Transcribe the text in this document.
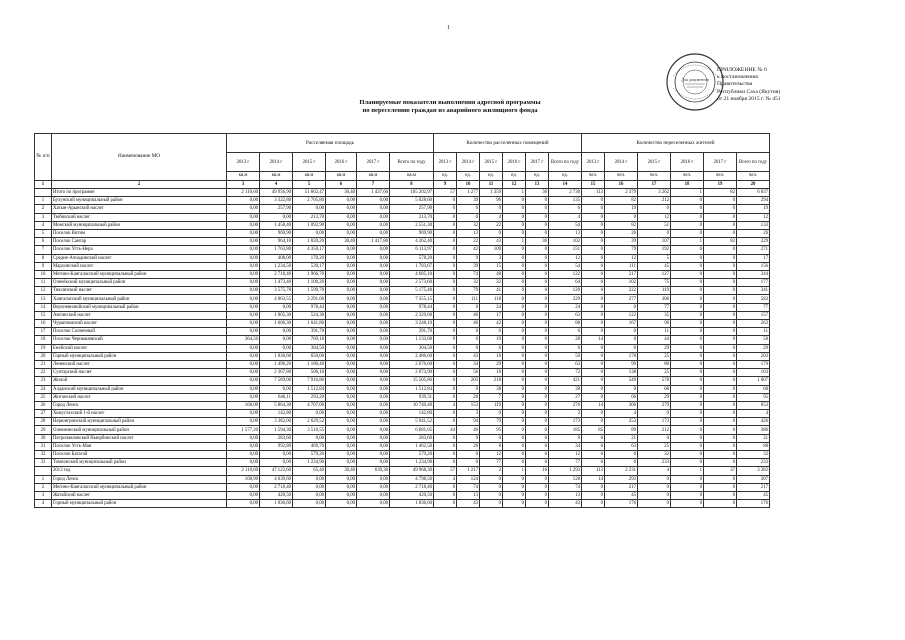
1
Для документов
ПРИЛОЖЕНИЕ № 6
к постановлению
Правительства
Республики Саха (Якутия)
от 21 ноября 2015 г. № 451
Планируемые показатели выполнения адресной программы
по переселению граждан из аварийного жилищного фонда
№ п/п	Наименование МО	Расселяемая площадь						Количество расселенных помещений						Количество переселенных жителей					
		2013 г	2014 г	2015 г	2016 г	2017 г	Всего по году	2013 г	2014 г	2015 г	2016 г	2017 г	Всего по году	2013 г	2014 г	2015 г	2016 г	2017 г	Всего по году
		кв.м	кв.м	кв.м	кв.м	кв.м	кв.м	ед.	ед.	ед.	ед.	ед.	ед.	чел.	чел.	чел.	чел.	чел.	чел.
1	2	3	4	5	6	7	8	9	10	11	12	13	14	15	16	17	18	19	20
	Итого по программе	2 110,60	49 956,90	51 662,47	30,40	1 437,60	105 202,97	57	1 277	1 359	1	36	2 730	113	2 379	3 262	1	82	6 837
1	Булунский муниципальный район	0,00	3 322,80	2 705,80	0,00	0,00	5 028,60	0	39	96	0	0	135	0	82	212	0	0	294
2	Хатын-Арынский наслег	0,00	257,90	0,00	0,00	0,00	257,90	0	6	0	0	0	6	0	19	0	0	0	19
3	Тюбяхский наслег	0,00	0,00	213,70	0,00	0,00	213,70	0	0	4	0	0	4	0	0	12	0	0	12
4	Момский муниципальный район	0,00	1 458,40	1 092,90	0,00	0,00	2 551,30	0	32	22	0	0	54	0	82	51	0	0	133
5	Поселок Витим	0,00	969,90	0,00	0,00	0,00	969,90	0	13	0	0	0	13	0	26	0	0	0	26
6	Поселок Сангар	0,00	964,10	1 820,20	30,40	1 417,80	4 262,40	0	22	43	1	36	102	0	39	107	1	82	229
7	Поселок Усть-Нера	0,00	1 763,80	4 350,17	0,00	0,00	6 113,97	0	42	109	0	0	151	0	79	192	0	0	271
8	Средне-Аччадинский наслег	0,00	408,00	170,20	0,00	0,00	578,20	0	9	3	0	0	12	0	12	5	0	0	17
9	Мархинский наслег	0,00	1 234,50	539,17	0,00	0,00	1 783,67	0	39	15	0	0	54	0	111	45	0	0	156
10	Мегино-Кангаласский муниципальный район	0,00	2 718,40	1 966,70	0,00	0,00	4 685,10	0	74	48	0	0	122	0	217	127	0	0	344
11	Оленёкский муниципальный район	0,00	1 473,40	1 100,20	0,00	0,00	2 573,60	0	32	32	0	0	64	0	102	75	0	0	177
12	Тиксинский наслег	0,00	3 575,78	1 599,70	0,00	0,00	5 175,48	0	79	41	0	0	120	0	222	119	0	0	341
13	Хангаласский муниципальный район	0,00	4 063,55	3 291,60	0,00	0,00	7 355,15	0	111	118	0	0	229	0	277	306	0	0	583
14	Верхневилюйский муниципальный район	0,00	0,00	978,44	0,00	0,00	978,44	0	0	24	0	0	24	0	0	77	0	0	77
15	Амгинский наслег	0,00	1 805,30	524,30	0,00	0,00	2 329,60	0	46	17	0	0	63	0	122	35	0	0	157
16	Чурапчинский наслег	0,00	1 606,30	1 641,80	0,00	0,00	3 248,10	0	46	42	0	0	88	0	167	96	0	0	263
17	Поселок Солнечный	0,00	0,00	391,70	0,00	0,00	391,70	0	0	6	0	0	6	0	0	11	0	0	11
18	Поселок Чернышевский	364,50	0,00	769,18	0,00	0,00	1 133,68	9	0	19	0	0	28	14	0	44	0	0	58
19	Енейский наслег	0,00	0,00	304,50	0,00	0,00	304,50	0	0	6	0	0	6	0	0	29	0	0	29
20	Горный муниципальный район	0,00	1 836,60	650,00	0,00	0,00	2 486,60	0	43	16	0	0	59	0	178	25	0	0	203
21	Лененский наслег	0,00	1 496,20	1 180,40	0,00	0,00	2 676,60	0	34	29	0	0	63	0	99	80	0	0	179
22	Сунтарский наслег	0,00	2 367,80	506,10	0,00	0,00	2 873,90	0	56	16	0	0	72	0	138	25	0	0	163
23	Жилой	0,00	7 589,06	7 916,80	0,00	0,00	15 505,86	0	203	218	0	0	421	0	549	578	0	0	1 007
24	Алданский муниципальный район	0,00	0,00	1 512,84	0,00	0,00	1 512,84	0	0	38	0	0	38	0	0	68	0	0	68
25	Жиганский наслег	0,00	646,11	293,20	0,00	0,00	939,31	0	20	7	0	0	27	0	66	29	0	0	95
26	Город Ленск	168,00	5 864,30	4 707,00	0,00	0,00	10 740,40	4	153	119	0	0	276	14	360	279	0	0	653
27	Хомустахский 1-й наслег	0,00	142,80	0,00	0,00	0,00	142,80	0	3	0	0	0	3	0	4	0	0	0	4
28	Нерюнгринский муниципальный район	0,00	3 382,00	2 629,52	0,00	0,00	5 941,52	0	94	79	0	0	173	0	253	173	0	0	426
29	Олекминский муниципальный район	1 577,20	1 594,30	3 510,55	0,00	0,00	6 681,05	44	46	95	0	0	185	85	89	212	0	0	386
30	Петропавловский Ньюрбинский наслег	0,00	283,60	0,00	0,00	0,00	283,60	0	9	0	0	0	9	0	21	0	0	0	21
31	Поселок Усть-Мая	0,00	992,80	469,70	0,00	0,00	1 462,50	0	26	8	0	0	34	0	63	25	0	0	88
32	Поселок Батагай	0,00	0,00	579,20	0,00	0,00	579,20	0	0	12	0	0	12	0	0	32	0	0	32
33	Томпонский муниципальный район	0,00	0,00	1 234,90	0,00	0,00	1 234,90	0	0	77	0	0	77	0	0	233	0	0	233
	2013 год	2 110,60	47 122,60	65,40	30,40	639,30	49 968,30	57	1 217	2	1	16	1 293	113	2 231	4	1	37	3 382
1	Город Ленск	168,90	4 639,60	0,00	0,00	0,00	4 798,50	4	124	0	0	0	128	14	293	0	0	0	307
2	Мегино-Кангаласский муниципальный район	0,00	2 718,40	0,00	0,00	0,00	2 718,40	0	74	0	0	0	74	0	217	0	0	0	217
3	Жатайский наслег	0,00	420,50	0,00	0,00	0,00	420,50	0	13	0	0	0	13	0	45	0	0	0	45
4	Горный муниципальный район	0,00	1 836,60	0,00	0,00	0,00	1 836,60	0	43	0	0	0	43	0	176	0	0	0	176
